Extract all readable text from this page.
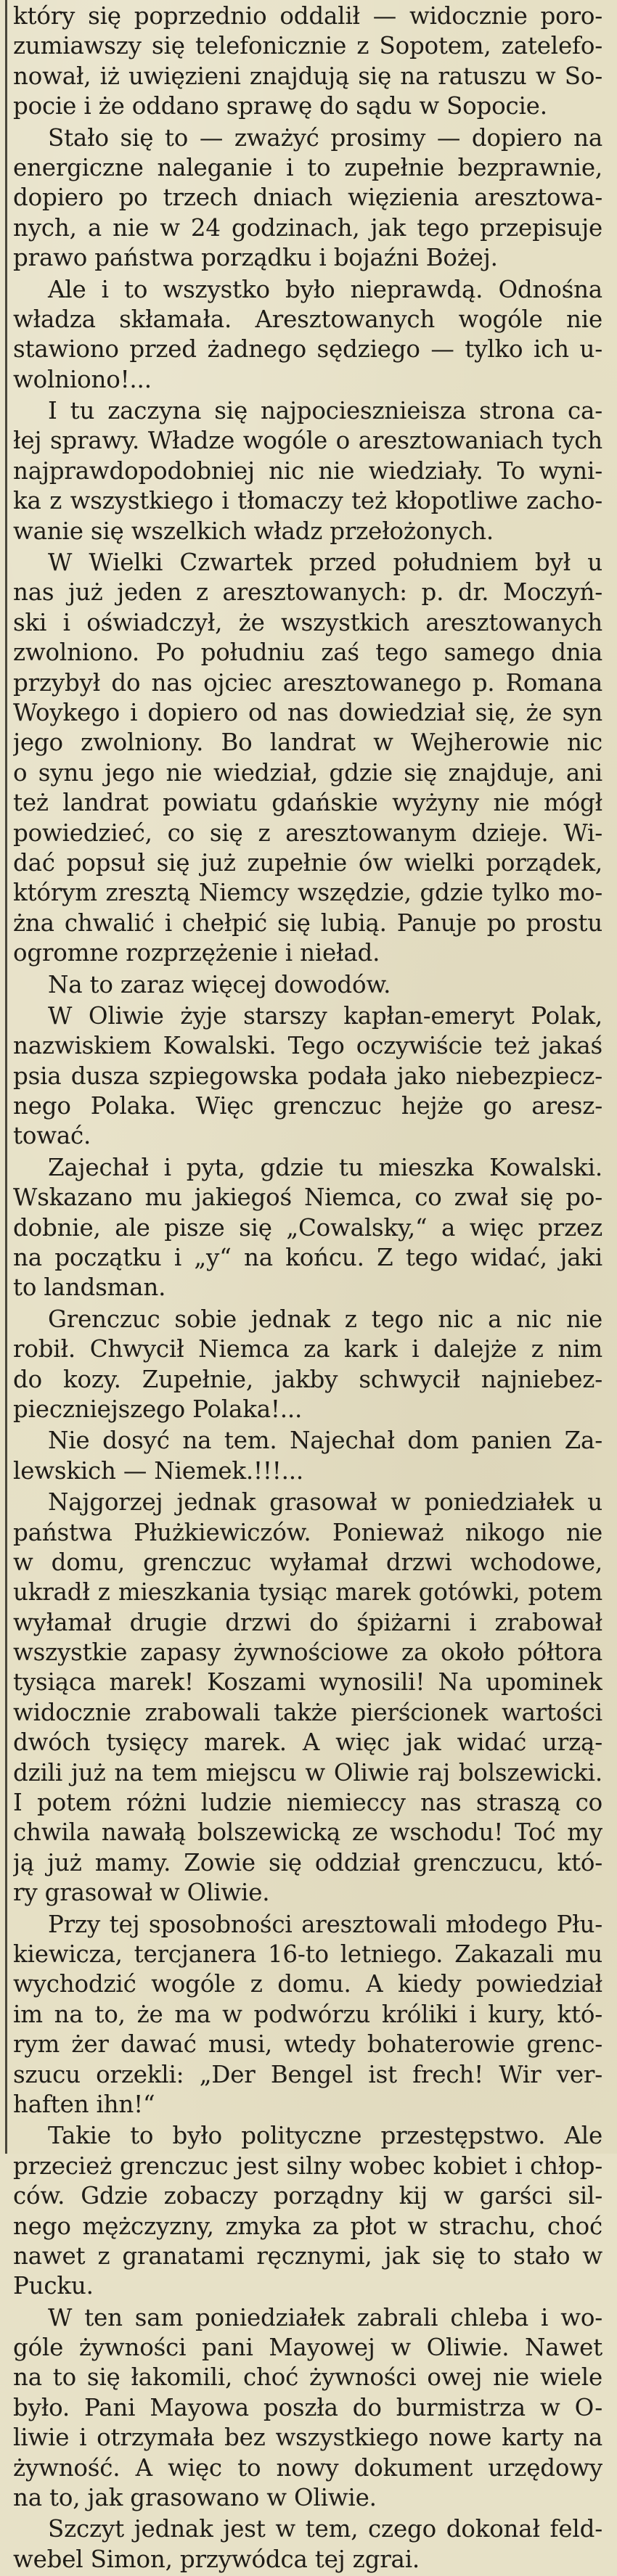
który się poprzednio oddalił — widocznie poro-
zumiawszy się telefonicznie z Sopotem, zatelefo-
nował, iż uwięzieni znajdują się na ratuszu w So-
pocie i że oddano sprawę do sądu w Sopocie.

Stało się to — zważyć prosimy — dopiero na
energiczne naleganie i to zupełnie bezprawnie,
dopiero po trzech dniach więzienia aresztowa-
nych, a nie w 24 godzinach, jak tego przepisuje
prawo państwa porządku i bojaźni Bożej.

Ale i to wszystko było nieprawdą. Odnośna
władza skłamała. Aresztowanych wogóle nie
stawiono przed żadnego sędziego — tylko ich u-
wolniono!...

I tu zaczyna się najpociesznieisza strona ca-
łej sprawy. Władze wogóle o aresztowaniach tych
najprawdopodobniej nic nie wiedziały. To wyni-
ka z wszystkiego i tłomaczy też kłopotliwe zacho-
wanie się wszelkich władz przełożonych.

W Wielki Czwartek przed południem był u
nas już jeden z aresztowanych: p. dr. Moczyń-
ski i oświadczył, że wszystkich aresztowanych
zwolniono. Po południu zaś tego samego dnia
przybył do nas ojciec aresztowanego p. Romana
Woykego i dopiero od nas dowiedział się, że syn
jego zwolniony. Bo landrat w Wejherowie nic
o synu jego nie wiedział, gdzie się znajduje, ani
też landrat powiatu gdańskie wyżyny nie mógł
powiedzieć, co się z aresztowanym dzieje. Wi-
dać popsuł się już zupełnie ów wielki porządek,
którym zresztą Niemcy wszędzie, gdzie tylko mo-
żna chwalić i chełpić się lubią. Panuje po prostu
ogromne rozprzężenie i nieład.

Na to zaraz więcej dowodów.

W Oliwie żyje starszy kapłan-emeryt Polak,
nazwiskiem Kowalski. Tego oczywiście też jakaś
psia dusza szpiegowska podała jako niebezpiecz-
nego Polaka. Więc grenczuc hejże go aresz-
tować.

Zajechał i pyta, gdzie tu mieszka Kowalski.
Wskazano mu jakiegoś Niemca, co zwał się po-
dobnie, ale pisze się „Cowalsky,“ a więc przez
na początku i „y“ na końcu. Z tego widać, jaki
to landsman.

Grenczuc sobie jednak z tego nic a nic nie
robił. Chwycił Niemca za kark i dalejże z nim
do kozy. Zupełnie, jakby schwycił najniebez-
pieczniejszego Polaka!...

Nie dosyć na tem. Najechał dom panien Za-
lewskich — Niemek.!!!...

Najgorzej jednak grasował w poniedziałek u
państwa Płużkiewiczów. Ponieważ nikogo nie
w domu, grenczuc wyłamał drzwi wchodowe,
ukradł z mieszkania tysiąc marek gotówki, potem
wyłamał drugie drzwi do śpiżarni i zrabował
wszystkie zapasy żywnościowe za około półtora
tysiąca marek! Koszami wynosili! Na upominek
widocznie zrabowali także pierścionek wartości
dwóch tysięcy marek. A więc jak widać urzą-
dzili już na tem miejscu w Oliwie raj bolszewicki.
I potem różni ludzie niemieccy nas straszą co
chwila nawałą bolszewicką ze wschodu! Toć my
ją już mamy. Zowie się oddział grenczucu, któ-
ry grasował w Oliwie.

Przy tej sposobności aresztowali młodego Płu-
kiewicza, tercjanera 16-to letniego. Zakazali mu
wychodzić wogóle z domu. A kiedy powiedział
im na to, że ma w podwórzu króliki i kury, któ-
rym żer dawać musi, wtedy bohaterowie grenc-
szucu orzekli: „Der Bengel ist frech! Wir ver-
haften ihn!“

Takie to było polityczne przestępstwo. Ale
przecież grenczuc jest silny wobec kobiet i chłop-
ców. Gdzie zobaczy porządny kij w garści sil-
nego mężczyzny, zmyka za płot w strachu, choć
nawet z granatami ręcznymi, jak się to stało w
Pucku.

W ten sam poniedziałek zabrali chleba i wo-
góle żywności pani Mayowej w Oliwie. Nawet
na to się łakomili, choć żywności owej nie wiele
było. Pani Mayowa poszła do burmistrza w O-
liwie i otrzymała bez wszystkiego nowe karty na
żywność. A więc to nowy dokument urzędowy
na to, jak grasowano w Oliwie.

Szczyt jednak jest w tem, czego dokonał feld-
webel Simon, przywódca tej zgrai.
